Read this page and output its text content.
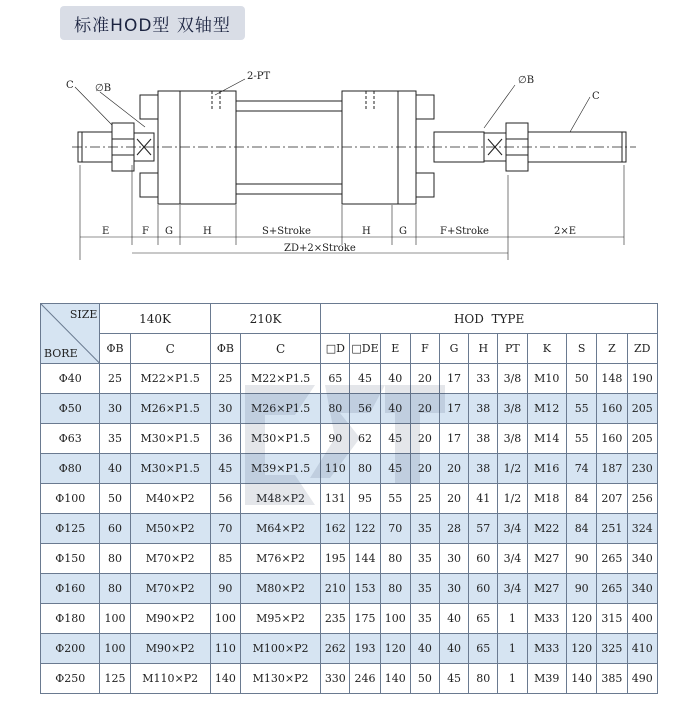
标准HOD型 双轴型
C ∅B
2-PT	∅B
C
E	F G	H	S+Stroke	H	G	F+Stroke	2×E
ZD+2×Stroke
SIZE
BORE	140K		210K		HOD  TYPE										
	ΦB	C	ΦB	C	□D	□DE	E	F	G	H	PT	K	S	Z	ZD
Φ40	25	M22×P1.5	25	M22×P1.5	65	45	40	20	17	33	3/8	M10	50	148	190
Φ50	30	M26×P1.5	30	M26×P1.5	80	56	40	20	17	38	3/8	M12	55	160	205
Φ63	35	M30×P1.5	36	M30×P1.5	90	62	45	20	17	38	3/8	M14	55	160	205
Φ80	40	M30×P1.5	45	M39×P1.5	110	80	45	20	20	38	1/2	M16	74	187	230
Φ100	50	M40×P2	56	M48×P2	131	95	55	25	20	41	1/2	M18	84	207	256
Φ125	60	M50×P2	70	M64×P2	162	122	70	35	28	57	3/4	M22	84	251	324
Φ150	80	M70×P2	85	M76×P2	195	144	80	35	30	60	3/4	M27	90	265	340
Φ160	80	M70×P2	90	M80×P2	210	153	80	35	30	60	3/4	M27	90	265	340
Φ180	100	M90×P2	100	M95×P2	235	175	100	35	40	65	1	M33	120	315	400
Φ200	100	M90×P2	110	M100×P2	262	193	120	40	40	65	1	M33	120	325	410
Φ250	125	M110×P2	140	M130×P2	330	246	140	50	45	80	1	M39	140	385	490
